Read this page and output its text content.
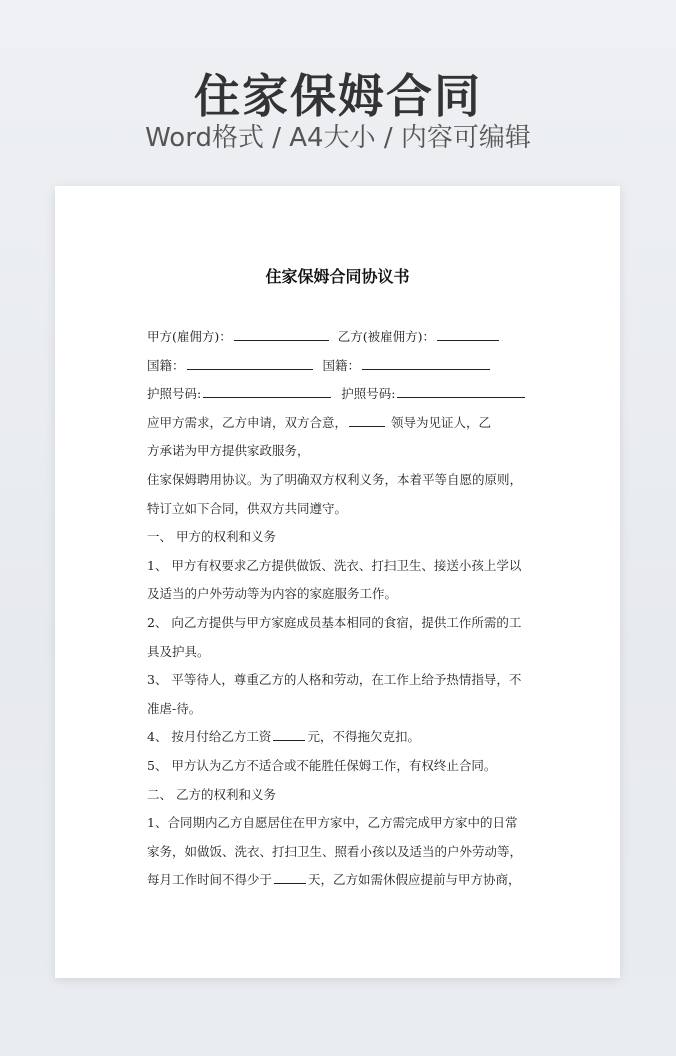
住家保姆合同
Word格式 / A4大小 / 内容可编辑
住家保姆合同协议书
甲方(雇佣方)：	乙方(被雇佣方)：
国籍：	国籍：
护照号码:	护照号码:
应甲方需求，乙方申请，双方合意，	领导为见证人，乙
方承诺为甲方提供家政服务，
住家保姆聘用协议。为了明确双方权利义务，本着平等自愿的原则，
特订立如下合同，供双方共同遵守。
一、 甲方的权利和义务
1、 甲方有权要求乙方提供做饭、洗衣、打扫卫生、接送小孩上学以
及适当的户外劳动等为内容的家庭服务工作。
2、 向乙方提供与甲方家庭成员基本相同的食宿，提供工作所需的工
具及护具。
3、 平等待人，尊重乙方的人格和劳动，在工作上给予热情指导，不
准虐-待。
4、 按月付给乙方工资	元，不得拖欠克扣。
5、 甲方认为乙方不适合或不能胜任保姆工作，有权终止合同。
二、 乙方的权利和义务
1、合同期内乙方自愿居住在甲方家中，乙方需完成甲方家中的日常
家务，如做饭、洗衣、打扫卫生、照看小孩以及适当的户外劳动等，
每月工作时间不得少于	天，乙方如需休假应提前与甲方协商，
